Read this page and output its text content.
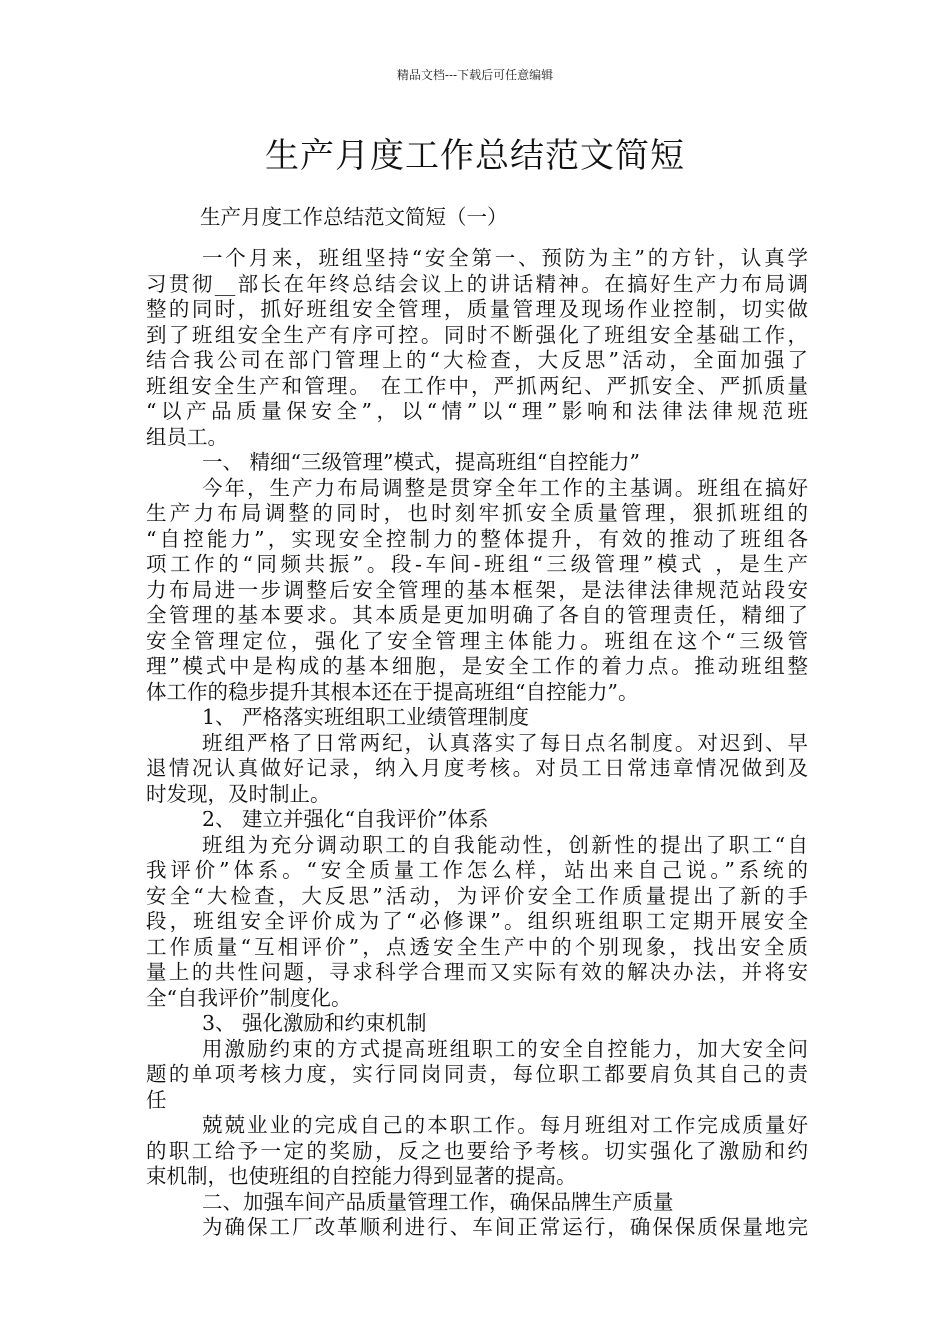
精品文档---下载后可任意编辑
生产月度工作总结范文简短
生产月度工作总结范文简短（一）
一个月来，班组坚持“安全第一、预防为主”的方针，认真学
习贯彻__部长在年终总结会议上的讲话精神。在搞好生产力布局调
整的同时，抓好班组安全管理，质量管理及现场作业控制，切实做
到了班组安全生产有序可控。同时不断强化了班组安全基础工作，
结合我公司在部门管理上的“大检查，大反思”活动，全面加强了
班组安全生产和管理。 在工作中，严抓两纪、严抓安全、严抓质量
“以产品质量保安全”，以“情”以“理”影响和法律法律规范班
组员工。
一、 精细“三级管理”模式，提高班组“自控能力”
今年，生产力布局调整是贯穿全年工作的主基调。班组在搞好
生产力布局调整的同时，也时刻牢抓安全质量管理，狠抓班组的
“自控能力”，实现安全控制力的整体提升，有效的推动了班组各
项工作的“同频共振”。段-车间-班组“三级管理”模式 ，是生产
力布局进一步调整后安全管理的基本框架，是法律法律规范站段安
全管理的基本要求。其本质是更加明确了各自的管理责任，精细了
安全管理定位，强化了安全管理主体能力。班组在这个“三级管
理”模式中是构成的基本细胞，是安全工作的着力点。推动班组整
体工作的稳步提升其根本还在于提高班组“自控能力”。
1、 严格落实班组职工业绩管理制度
班组严格了日常两纪，认真落实了每日点名制度。对迟到、早
退情况认真做好记录，纳入月度考核。对员工日常违章情况做到及
时发现，及时制止。
2、 建立并强化“自我评价”体系
班组为充分调动职工的自我能动性，创新性的提出了职工“自
我评价”体系。“安全质量工作怎么样，站出来自己说。”系统的
安全“大检查，大反思”活动，为评价安全工作质量提出了新的手
段，班组安全评价成为了“必修课”。组织班组职工定期开展安全
工作质量“互相评价”，点透安全生产中的个别现象，找出安全质
量上的共性问题，寻求科学合理而又实际有效的解决办法，并将安
全“自我评价”制度化。
3、 强化激励和约束机制
用激励约束的方式提高班组职工的安全自控能力，加大安全问
题的单项考核力度，实行同岗同责，每位职工都要肩负其自己的责
任
兢兢业业的完成自己的本职工作。每月班组对工作完成质量好
的职工给予一定的奖励，反之也要给予考核。切实强化了激励和约
束机制，也使班组的自控能力得到显著的提高。
二、加强车间产品质量管理工作，确保品牌生产质量
为确保工厂改革顺利进行、车间正常运行，确保保质保量地完
